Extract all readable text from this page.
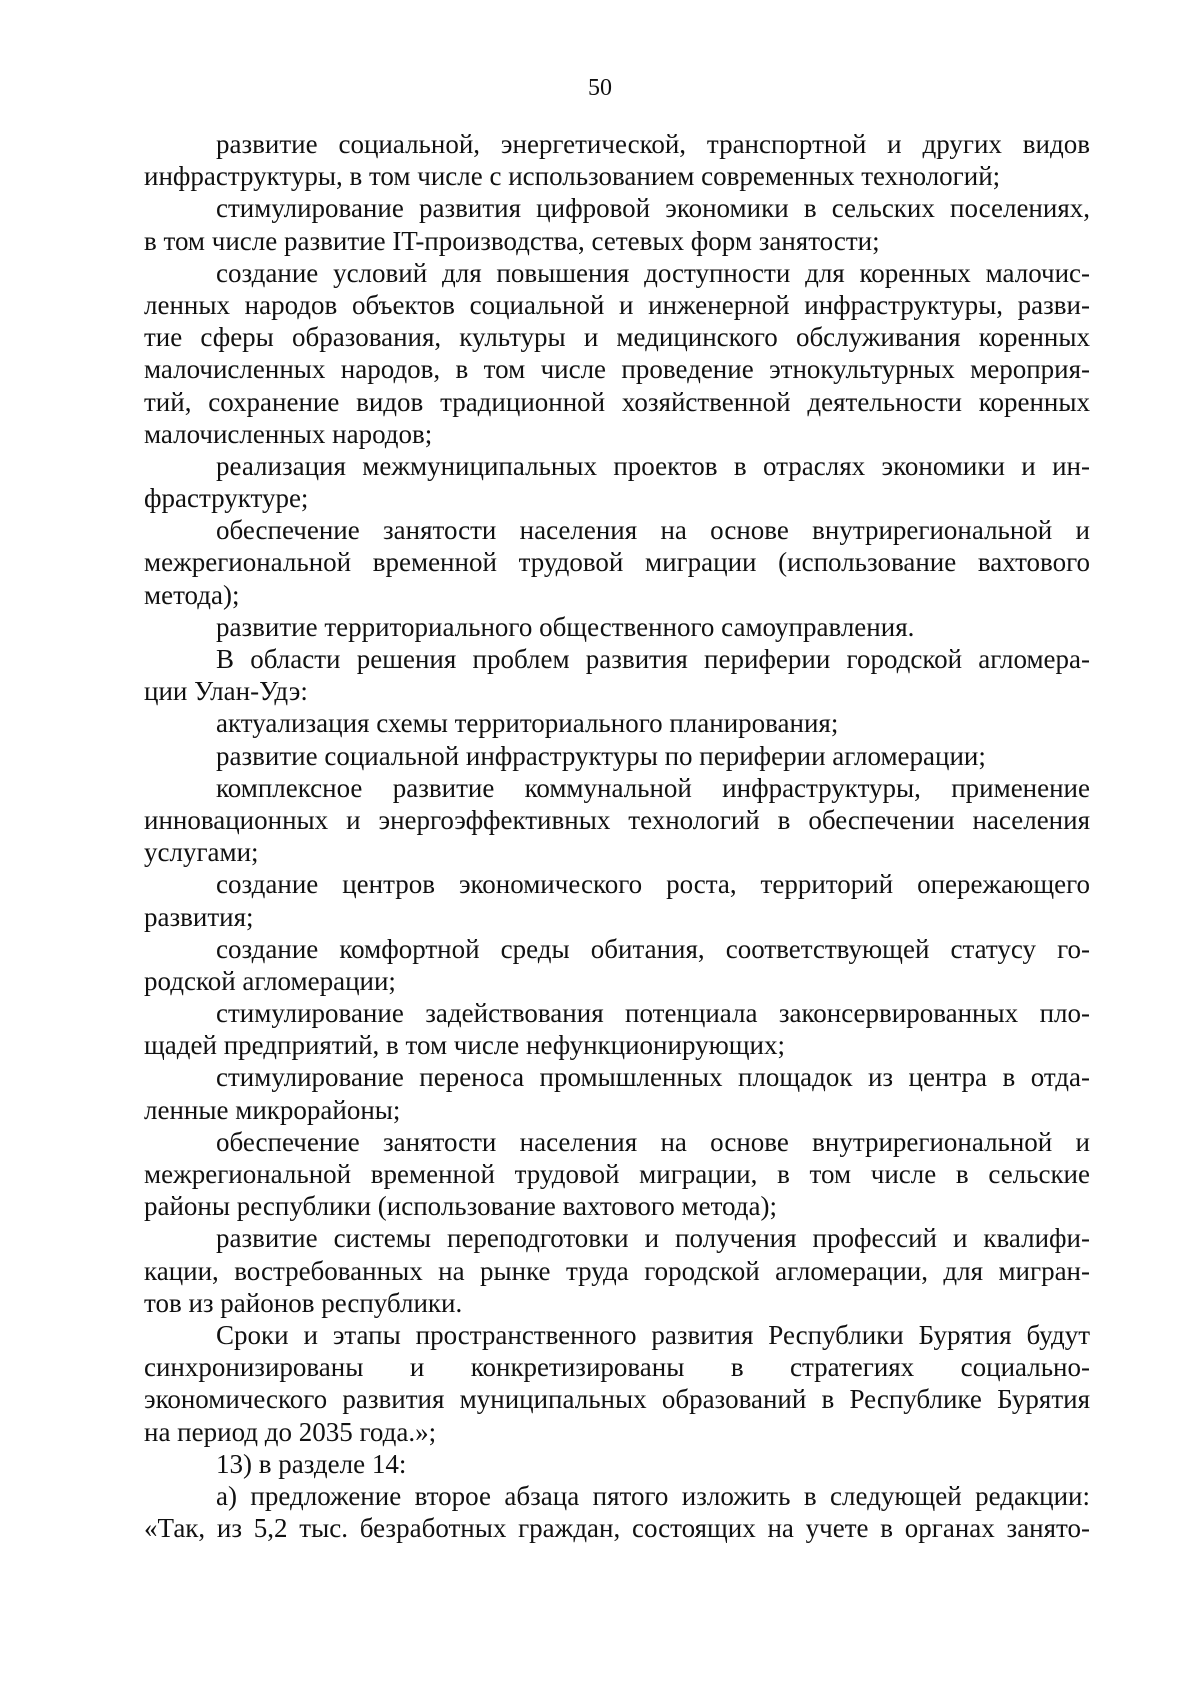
50
развитие социальной, энергетической, транспортной и других видов
инфраструктуры, в том числе с использованием современных технологий;
стимулирование развития цифровой экономики в сельских поселениях,
в том числе развитие IT-производства, сетевых форм занятости;
создание условий для повышения доступности для коренных малочис-
ленных народов объектов социальной и инженерной инфраструктуры, разви-
тие сферы образования, культуры и медицинского обслуживания коренных
малочисленных народов, в том числе проведение этнокультурных мероприя-
тий, сохранение видов традиционной хозяйственной деятельности коренных
малочисленных народов;
реализация межмуниципальных проектов в отраслях экономики и ин-
фраструктуре;
обеспечение занятости населения на основе внутрирегиональной и
межрегиональной временной трудовой миграции (использование вахтового
метода);
развитие территориального общественного самоуправления.
В области решения проблем развития периферии городской агломера-
ции Улан-Удэ:
актуализация схемы территориального планирования;
развитие социальной инфраструктуры по периферии агломерации;
комплексное развитие коммунальной инфраструктуры, применение
инновационных и энергоэффективных технологий в обеспечении населения
услугами;
создание центров экономического роста, территорий опережающего
развития;
создание комфортной среды обитания, соответствующей статусу го-
родской агломерации;
стимулирование задействования потенциала законсервированных пло-
щадей предприятий, в том числе нефункционирующих;
стимулирование переноса промышленных площадок из центра в отда-
ленные микрорайоны;
обеспечение занятости населения на основе внутрирегиональной и
межрегиональной временной трудовой миграции, в том числе в сельские
районы республики (использование вахтового метода);
развитие системы переподготовки и получения профессий и квалифи-
кации, востребованных на рынке труда городской агломерации, для мигран-
тов из районов республики.
Сроки и этапы пространственного развития Республики Бурятия будут
синхронизированы и конкретизированы в стратегиях социально-
экономического развития муниципальных образований в Республике Бурятия
на период до 2035 года.»;
13) в разделе 14:
а) предложение второе абзаца пятого изложить в следующей редакции:
«Так, из 5,2 тыс. безработных граждан, состоящих на учете в органах занято-
